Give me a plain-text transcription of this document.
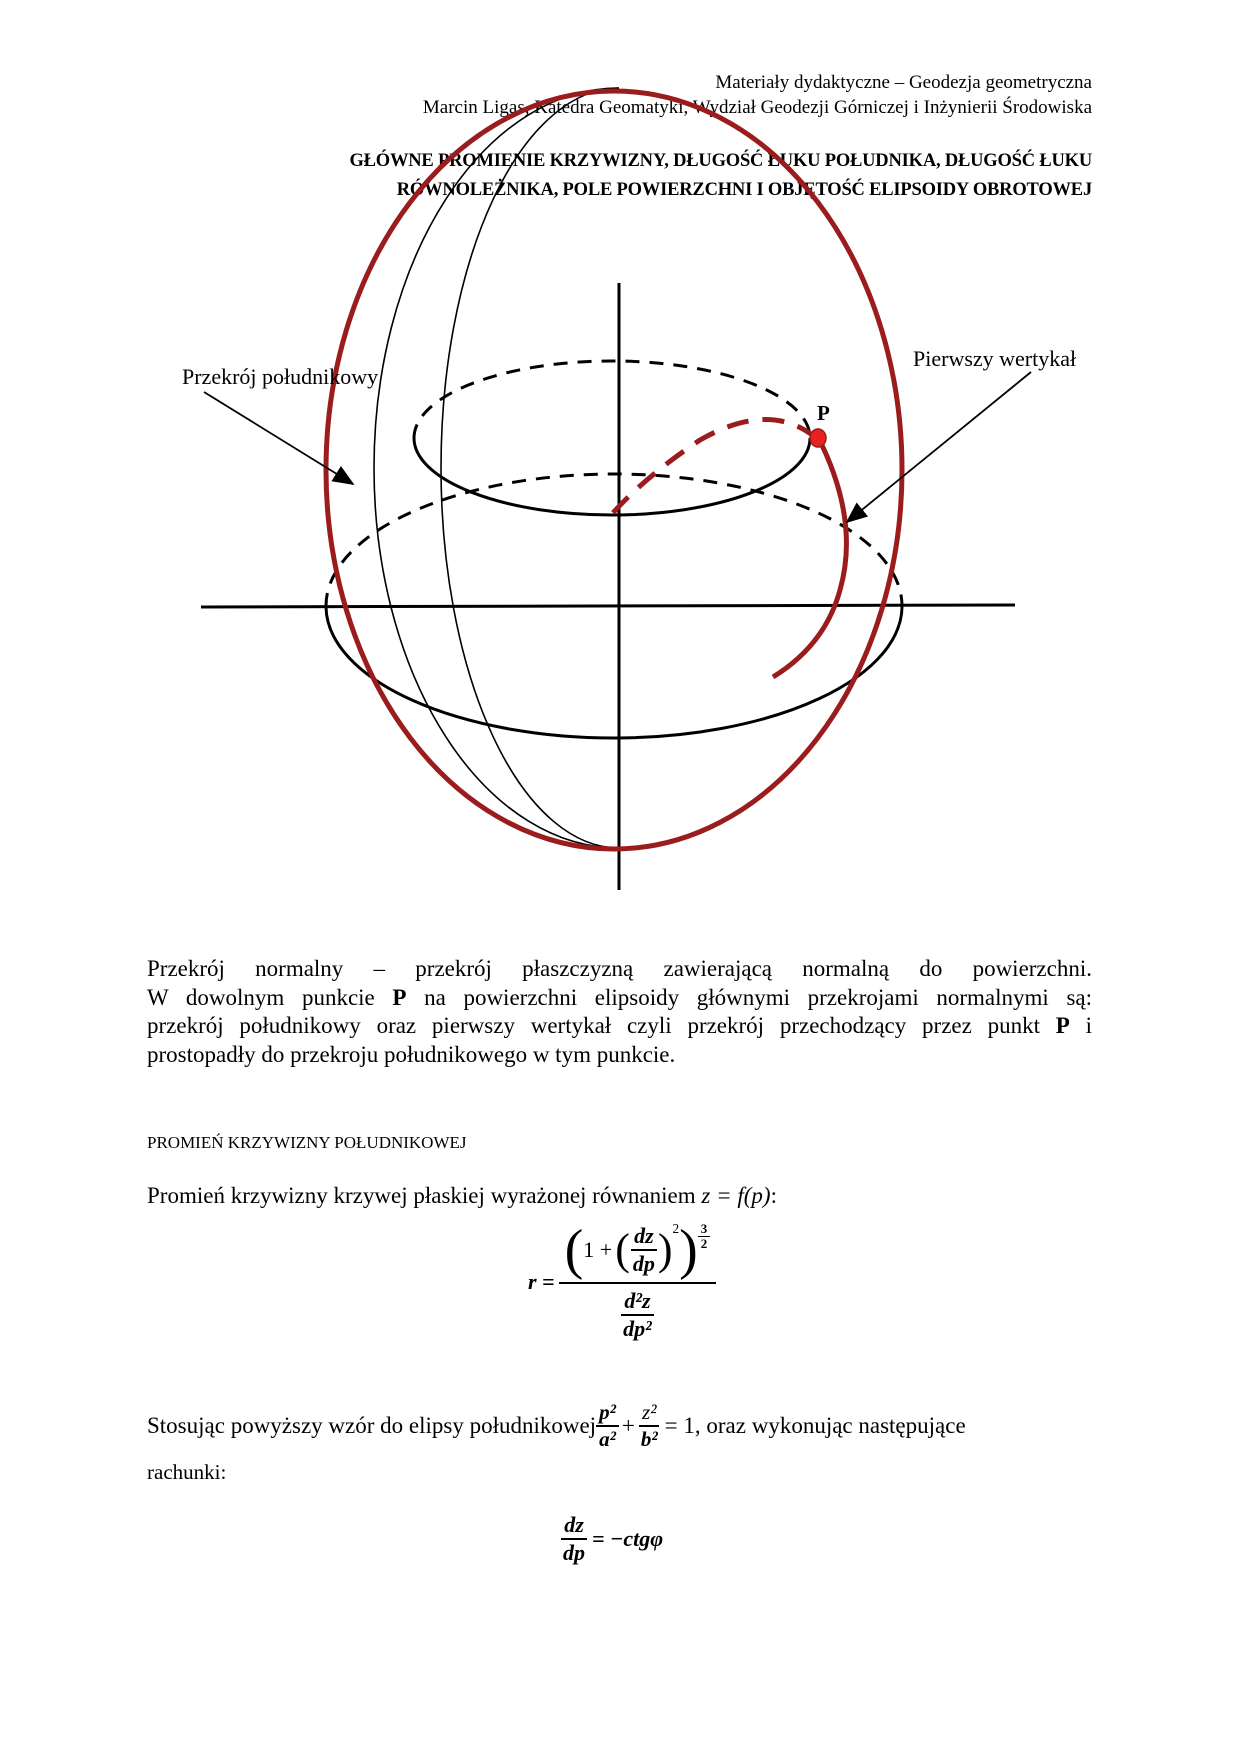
Materiały dydaktyczne – Geodezja geometryczna
Marcin Ligas, Katedra Geomatyki, Wydział Geodezji Górniczej i Inżynierii Środowiska
GŁÓWNE PROMIENIE KRZYWIZNY, DŁUGOŚĆ ŁUKU POŁUDNIKA, DŁUGOŚĆ ŁUKU
RÓWNOLEŻNIKA, POLE POWIERZCHNI I OBJĘTOŚĆ ELIPSOIDY OBROTOWEJ
Przekrój południkowy
Pierwszy wertykał
P
Przekrój normalny – przekrój płaszczyzną zawierającą normalną do powierzchni.
W dowolnym punkcie P na powierzchni elipsoidy głównymi przekrojami normalnymi są:
przekrój południkowy oraz pierwszy wertykał czyli przekrój przechodzący przez punkt P i
prostopadły do przekroju południkowego w tym punkcie.
PROMIEŃ KRZYWIZNY POŁUDNIKOWEJ
Promień krzywizny krzywej płaskiej wyrażonej równaniem z = f(p):
r =
( 1 + ( $\frac{dz}{dp} )^2$ ) $\frac{3}{2}$
$\frac{\text{d²z}}{\text{dp²}}$
Stosując powyższy wzór do elipsy południkowej $\frac{\text{p²}}{\text{a²}} + \frac{\text{z²}}{\text{b²}} = 1$ , oraz wykonując następujące
rachunki:
$\frac{dz}{dp} = -ctg\varphi$
